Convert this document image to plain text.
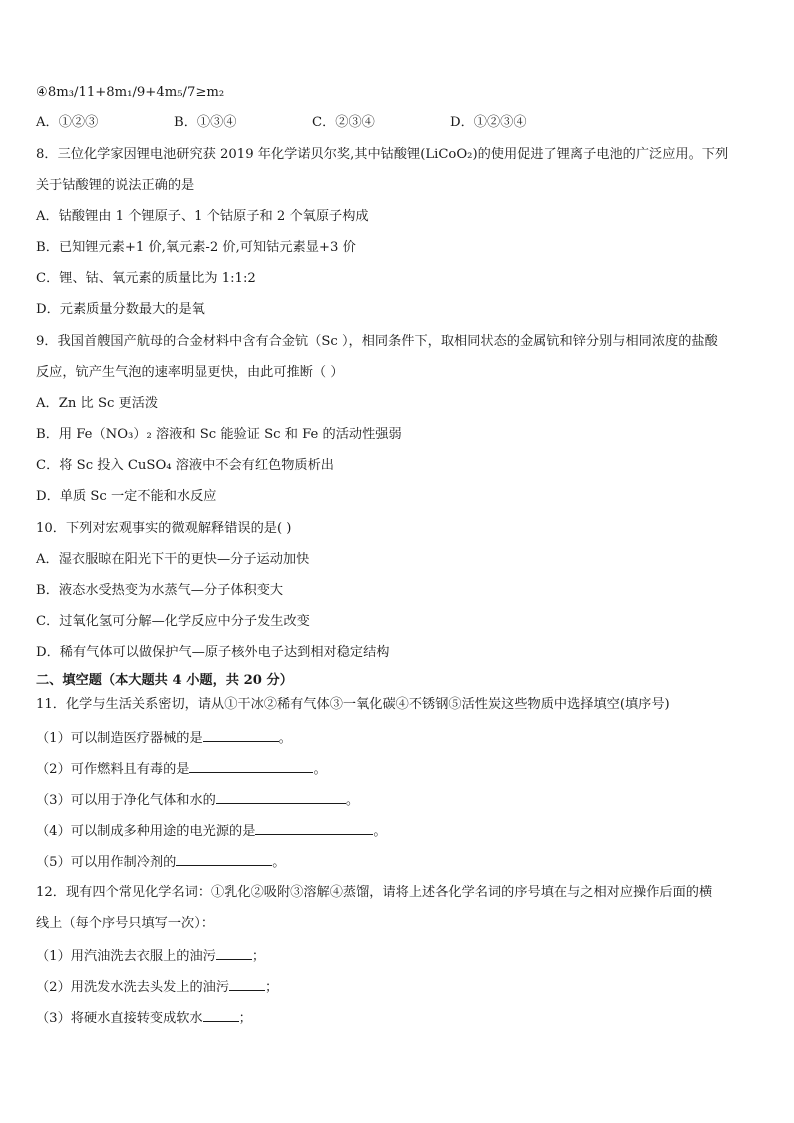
④8m₃/11+8m₁/9+4m₅/7≥m₂
A．①②③	B．①③④	C．②③④	D．①②③④
8．三位化学家因锂电池研究获 2019 年化学诺贝尔奖,其中钴酸锂(LiCoO₂)的使用促进了锂离子电池的广泛应用。下列
关于钴酸锂的说法正确的是
A．钴酸锂由 1 个锂原子、1 个钴原子和 2 个氧原子构成
B．已知锂元素+1 价,氧元素-2 价,可知钴元素显+3 价
C．锂、钴、氧元素的质量比为 1:1:2
D．元素质量分数最大的是氧
9．我国首艘国产航母的合金材料中含有合金钪（Sc ），相同条件下，取相同状态的金属钪和锌分别与相同浓度的盐酸
反应，钪产生气泡的速率明显更快，由此可推断（ ）
A．Zn 比 Sc 更活泼
B．用 Fe（NO₃）₂ 溶液和 Sc 能验证 Sc 和 Fe 的活动性强弱
C．将 Sc 投入 CuSO₄ 溶液中不会有红色物质析出
D．单质 Sc 一定不能和水反应
10．下列对宏观事实的微观解释错误的是( )
A．湿衣服晾在阳光下干的更快—分子运动加快
B．液态水受热变为水蒸气—分子体积变大
C．过氧化氢可分解—化学反应中分子发生改变
D．稀有气体可以做保护气—原子核外电子达到相对稳定结构
二、填空题（本大题共 4 小题，共 20 分）
11．化学与生活关系密切，请从①干冰②稀有气体③一氧化碳④不锈钢⑤活性炭这些物质中选择填空(填序号)
（1）可以制造医疗器械的是	。
（2）可作燃料且有毒的是	。
（3）可以用于净化气体和水的	。
（4）可以制成多种用途的电光源的是	。
（5）可以用作制冷剂的	。
12．现有四个常见化学名词：①乳化②吸附③溶解④蒸馏，请将上述各化学名词的序号填在与之相对应操作后面的横
线上（每个序号只填写一次）：
（1）用汽油洗去衣服上的油污	；
（2）用洗发水洗去头发上的油污	；
（3）将硬水直接转变成软水	；
